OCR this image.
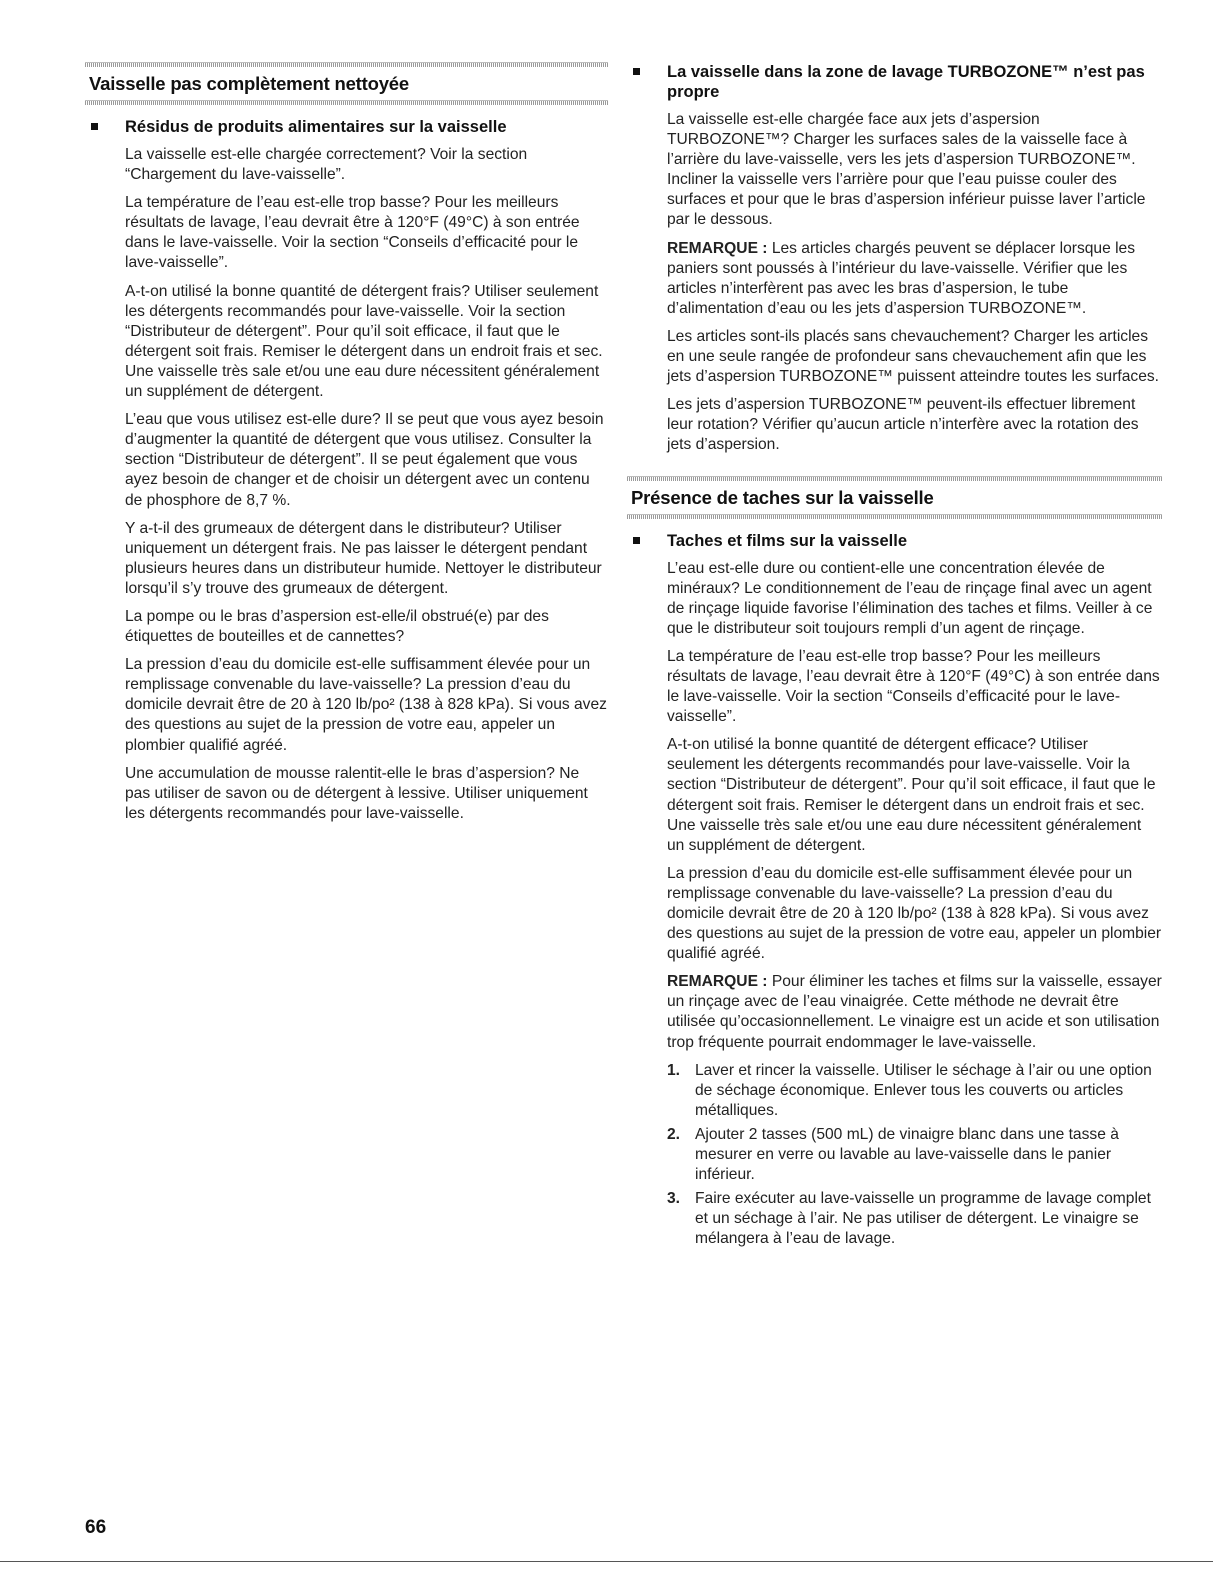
Vaisselle pas complètement nettoyée
Résidus de produits alimentaires sur la vaisselle

La vaisselle est-elle chargée correctement? Voir la section “Chargement du lave-vaisselle”.

La température de l’eau est-elle trop basse? Pour les meilleurs résultats de lavage, l’eau devrait être à 120°F (49°C) à son entrée dans le lave-vaisselle. Voir la section “Conseils d’efficacité pour le lave-vaisselle”.

A-t-on utilisé la bonne quantité de détergent frais? Utiliser seulement les détergents recommandés pour lave-vaisselle. Voir la section “Distributeur de détergent”. Pour qu’il soit efficace, il faut que le détergent soit frais. Remiser le détergent dans un endroit frais et sec. Une vaisselle très sale et/ou une eau dure nécessitent généralement un supplément de détergent.

L’eau que vous utilisez est-elle dure? Il se peut que vous ayez besoin d’augmenter la quantité de détergent que vous utilisez. Consulter la section “Distributeur de détergent”. Il se peut également que vous ayez besoin de changer et de choisir un détergent avec un contenu de phosphore de 8,7 %.

Y a-t-il des grumeaux de détergent dans le distributeur? Utiliser uniquement un détergent frais. Ne pas laisser le détergent pendant plusieurs heures dans un distributeur humide. Nettoyer le distributeur lorsqu’il s’y trouve des grumeaux de détergent.

La pompe ou le bras d’aspersion est-elle/il obstrué(e) par des étiquettes de bouteilles et de cannettes?

La pression d’eau du domicile est-elle suffisamment élevée pour un remplissage convenable du lave-vaisselle? La pression d’eau du domicile devrait être de 20 à 120 lb/po² (138 à 828 kPa). Si vous avez des questions au sujet de la pression de votre eau, appeler un plombier qualifié agréé.

Une accumulation de mousse ralentit-elle le bras d’aspersion? Ne pas utiliser de savon ou de détergent à lessive. Utiliser uniquement les détergents recommandés pour lave-vaisselle.

La vaisselle dans la zone de lavage TURBOZONE™ n’est pas propre

La vaisselle est-elle chargée face aux jets d’aspersion TURBOZONE™? Charger les surfaces sales de la vaisselle face à l’arrière du lave-vaisselle, vers les jets d’aspersion TURBOZONE™. Incliner la vaisselle vers l’arrière pour que l’eau puisse couler des surfaces et pour que le bras d’aspersion inférieur puisse laver l’article par le dessous.

REMARQUE : Les articles chargés peuvent se déplacer lorsque les paniers sont poussés à l’intérieur du lave-vaisselle. Vérifier que les articles n’interfèrent pas avec les bras d’aspersion, le tube d’alimentation d’eau ou les jets d’aspersion TURBOZONE™.

Les articles sont-ils placés sans chevauchement? Charger les articles en une seule rangée de profondeur sans chevauchement afin que les jets d’aspersion TURBOZONE™ puissent atteindre toutes les surfaces.

Les jets d’aspersion TURBOZONE™ peuvent-ils effectuer librement leur rotation? Vérifier qu’aucun article n’interfère avec la rotation des jets d’aspersion.

Présence de taches sur la vaisselle
Taches et films sur la vaisselle

L’eau est-elle dure ou contient-elle une concentration élevée de minéraux? Le conditionnement de l’eau de rinçage final avec un agent de rinçage liquide favorise l’élimination des taches et films. Veiller à ce que le distributeur soit toujours rempli d’un agent de rinçage.

La température de l’eau est-elle trop basse? Pour les meilleurs résultats de lavage, l’eau devrait être à 120°F (49°C) à son entrée dans le lave-vaisselle. Voir la section “Conseils d’efficacité pour le lave-vaisselle”.

A-t-on utilisé la bonne quantité de détergent efficace? Utiliser seulement les détergents recommandés pour lave-vaisselle. Voir la section “Distributeur de détergent”. Pour qu’il soit efficace, il faut que le détergent soit frais. Remiser le détergent dans un endroit frais et sec. Une vaisselle très sale et/ou une eau dure nécessitent généralement un supplément de détergent.

La pression d’eau du domicile est-elle suffisamment élevée pour un remplissage convenable du lave-vaisselle? La pression d’eau du domicile devrait être de 20 à 120 lb/po² (138 à 828 kPa). Si vous avez des questions au sujet de la pression de votre eau, appeler un plombier qualifié agréé.

REMARQUE : Pour éliminer les taches et films sur la vaisselle, essayer un rinçage avec de l’eau vinaigrée. Cette méthode ne devrait être utilisée qu’occasionnellement. Le vinaigre est un acide et son utilisation trop fréquente pourrait endommager le lave-vaisselle.

1. Laver et rincer la vaisselle. Utiliser le séchage à l’air ou une option de séchage économique. Enlever tous les couverts ou articles métalliques.
2. Ajouter 2 tasses (500 mL) de vinaigre blanc dans une tasse à mesurer en verre ou lavable au lave-vaisselle dans le panier inférieur.
3. Faire exécuter au lave-vaisselle un programme de lavage complet et un séchage à l’air. Ne pas utiliser de détergent. Le vinaigre se mélangera à l’eau de lavage.
66
